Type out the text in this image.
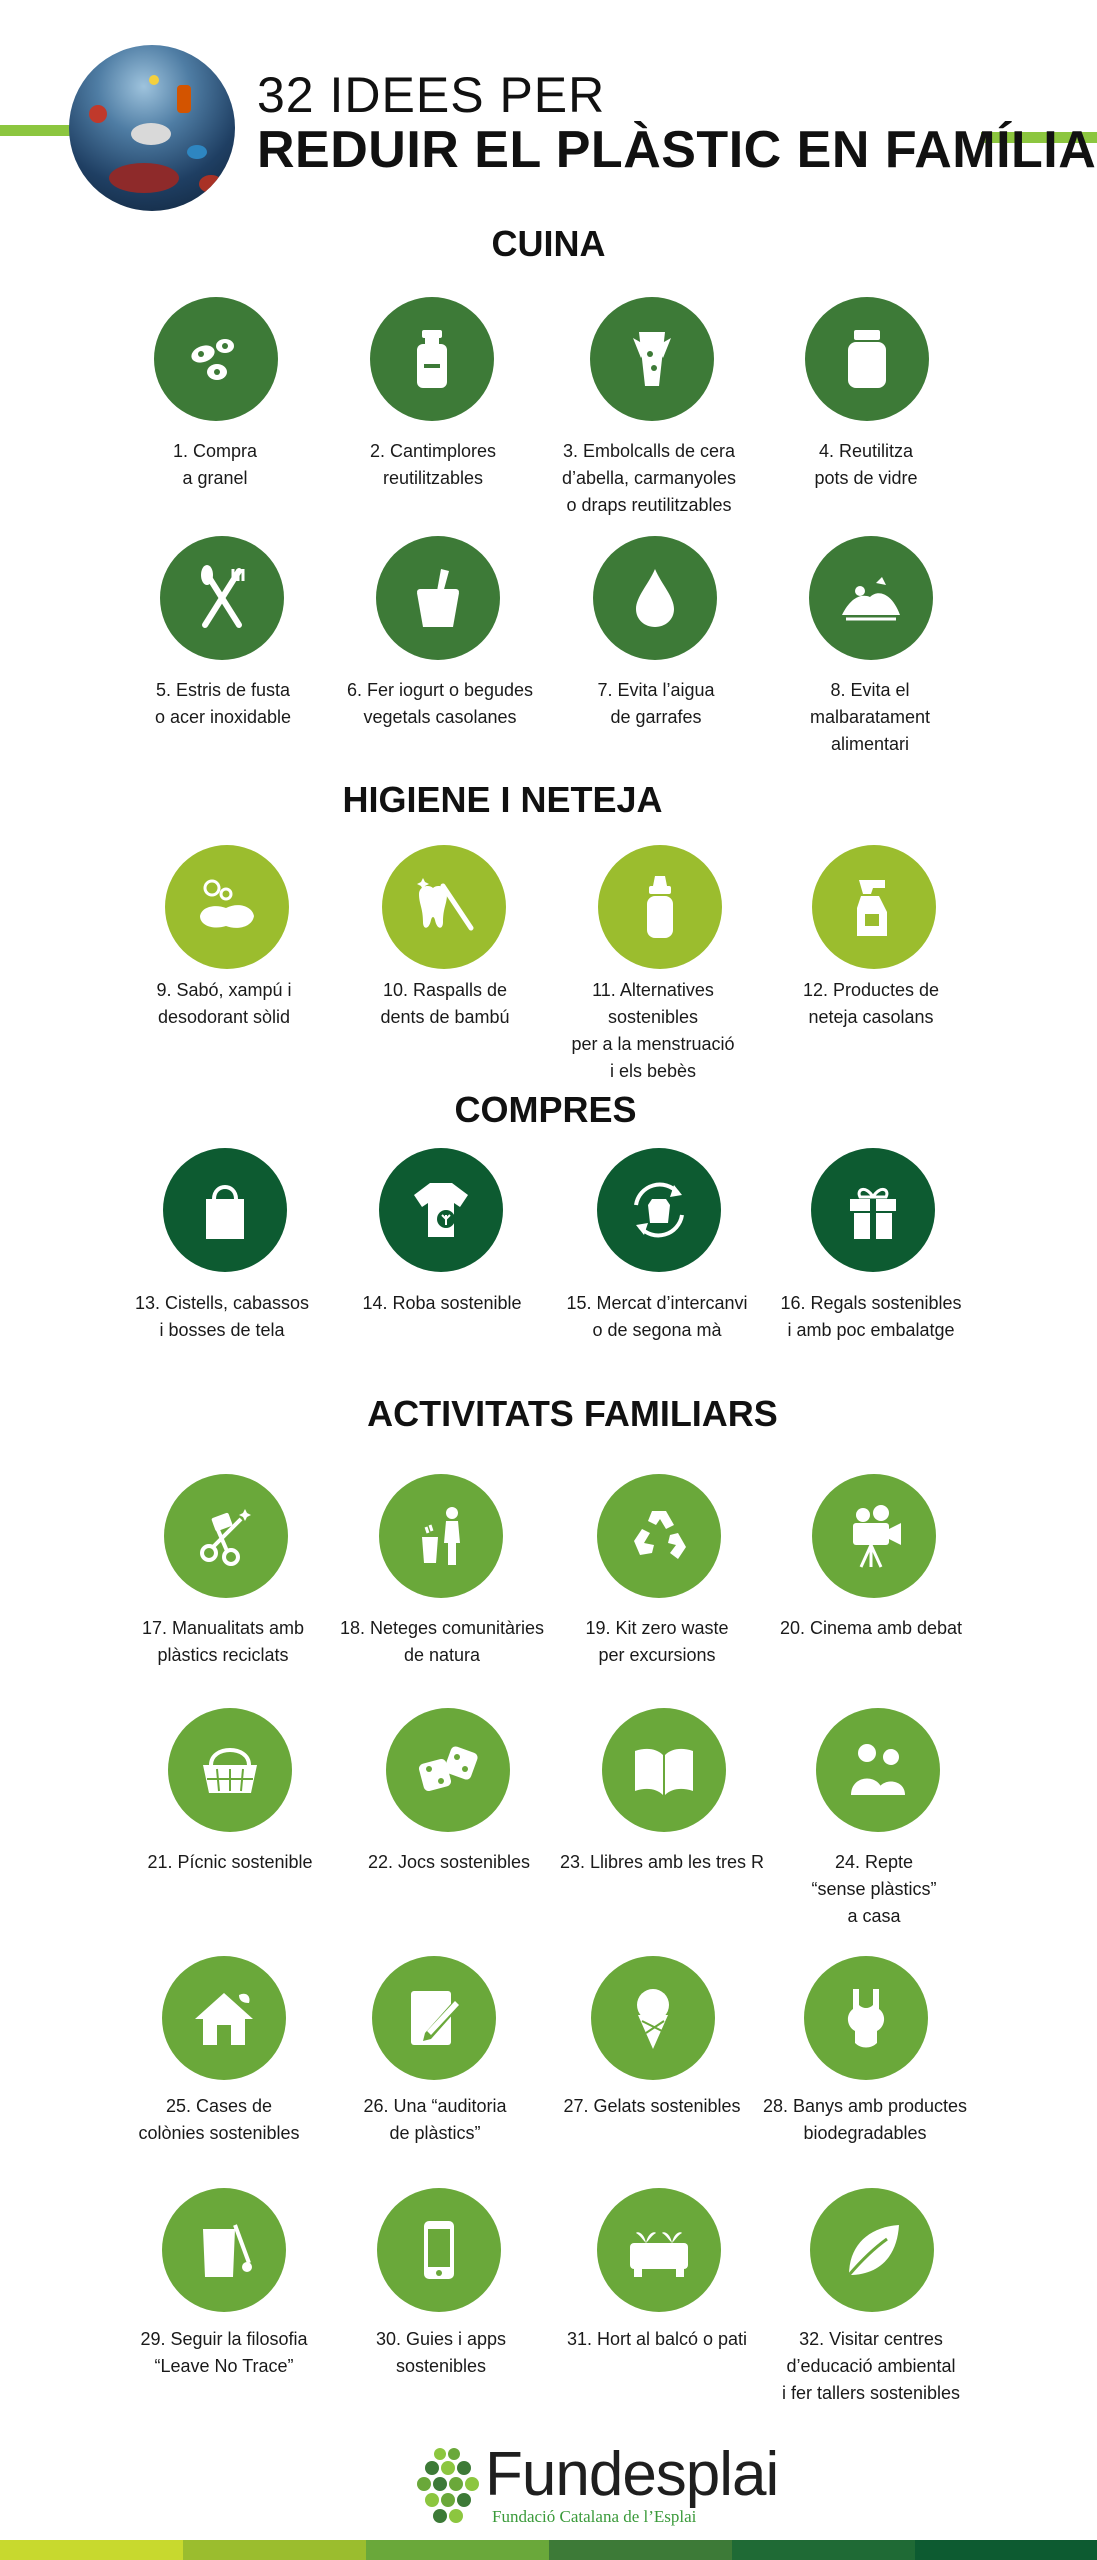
32 IDEES PER
REDUIR EL PLÀSTIC EN FAMÍLIA
CUINA
HIGIENE I NETEJA
COMPRES
ACTIVITATS FAMILIARS
1. Compra
a granel
2. Cantimplores
reutilitzables
3. Embolcalls de cera
d’abella, carmanyoles
o draps reutilitzables
4. Reutilitza
pots de vidre
5. Estris de fusta
o acer inoxidable
6. Fer iogurt o begudes
vegetals casolanes
7. Evita l’aigua
de garrafes
8. Evita el
malbaratament
alimentari
9. Sabó, xampú i
desodorant sòlid
10. Raspalls de
dents de bambú
11. Alternatives sostenibles
per a la menstruació
i els bebès
12. Productes de
neteja casolans
13. Cistells, cabassos
i bosses de tela
14. Roba sostenible	15. Mercat d’intercanvi
o de segona mà
16. Regals sostenibles
i amb poc embalatge
17. Manualitats amb
plàstics reciclats
18. Neteges comunitàries
de natura
19. Kit zero waste
per excursions
20. Cinema amb debat
21. Pícnic sostenible	22. Jocs sostenibles	23. Llibres amb les tres R	24. Repte
“sense plàstics”
a casa
25. Cases de
colònies sostenibles
26. Una “auditoria
de plàstics”
27. Gelats sostenibles	28. Banys amb productes
biodegradables
29. Seguir la filosofia
“Leave No Trace”
30. Guies i apps
sostenibles
31. Hort al balcó o pati	32. Visitar centres
d’educació ambiental
i fer tallers sostenibles
Fundesplai
Fundació Catalana de l’Esplai
